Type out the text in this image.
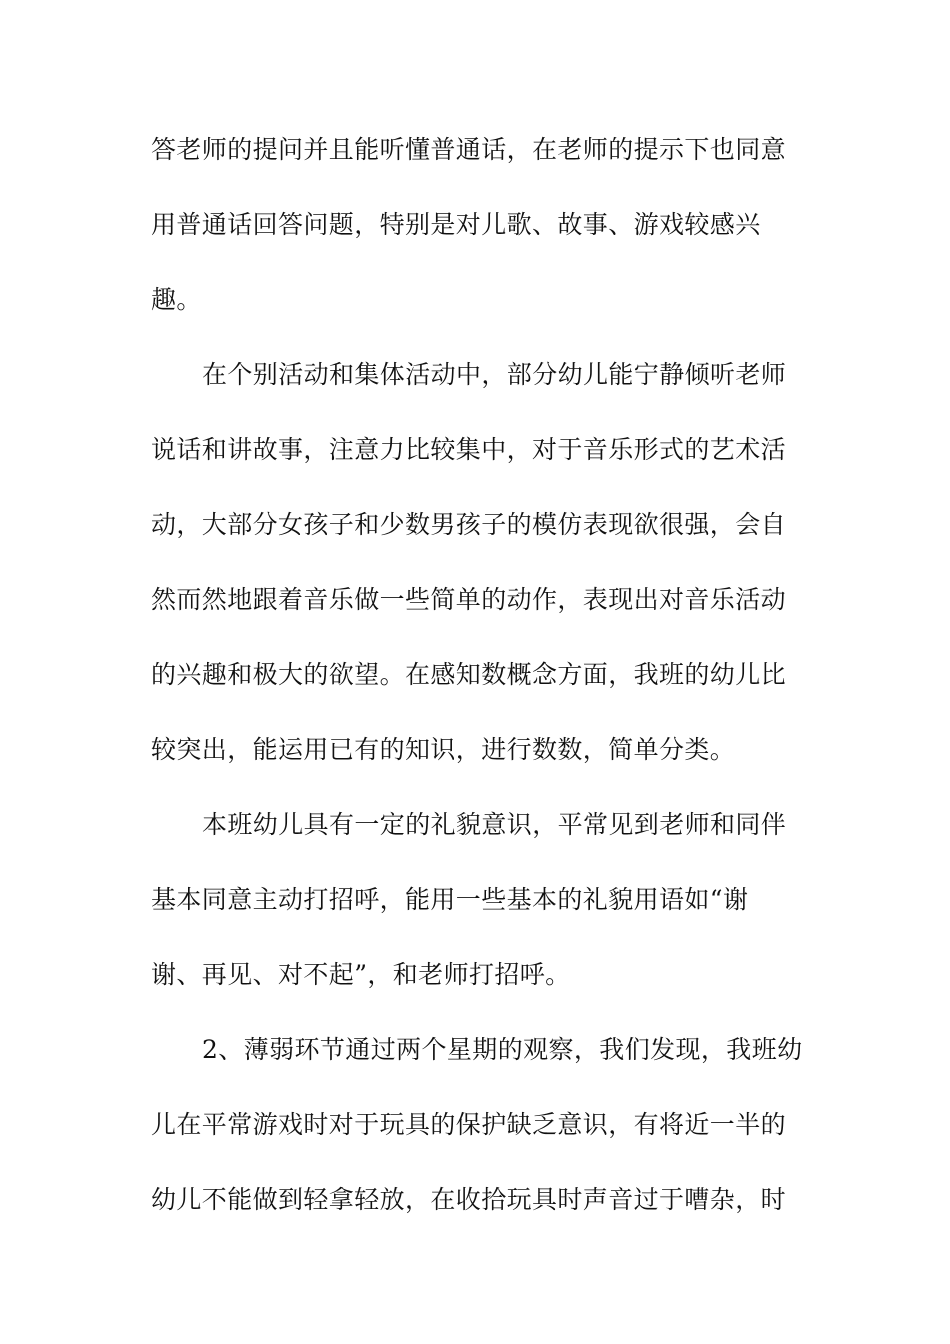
答老师的提问并且能听懂普通话，在老师的提示下也同意
用普通话回答问题，特别是对儿歌、故事、游戏较感兴
趣。
在个别活动和集体活动中，部分幼儿能宁静倾听老师
说话和讲故事，注意力比较集中，对于音乐形式的艺术活
动，大部分女孩子和少数男孩子的模仿表现欲很强，会自
然而然地跟着音乐做一些简单的动作，表现出对音乐活动
的兴趣和极大的欲望。在感知数概念方面，我班的幼儿比
较突出，能运用已有的知识，进行数数，简单分类。
本班幼儿具有一定的礼貌意识，平常见到老师和同伴
基本同意主动打招呼，能用一些基本的礼貌用语如“谢
谢、再见、对不起”，和老师打招呼。
2、薄弱环节通过两个星期的观察，我们发现，我班幼
儿在平常游戏时对于玩具的保护缺乏意识，有将近一半的
幼儿不能做到轻拿轻放，在收拾玩具时声音过于嘈杂，时
